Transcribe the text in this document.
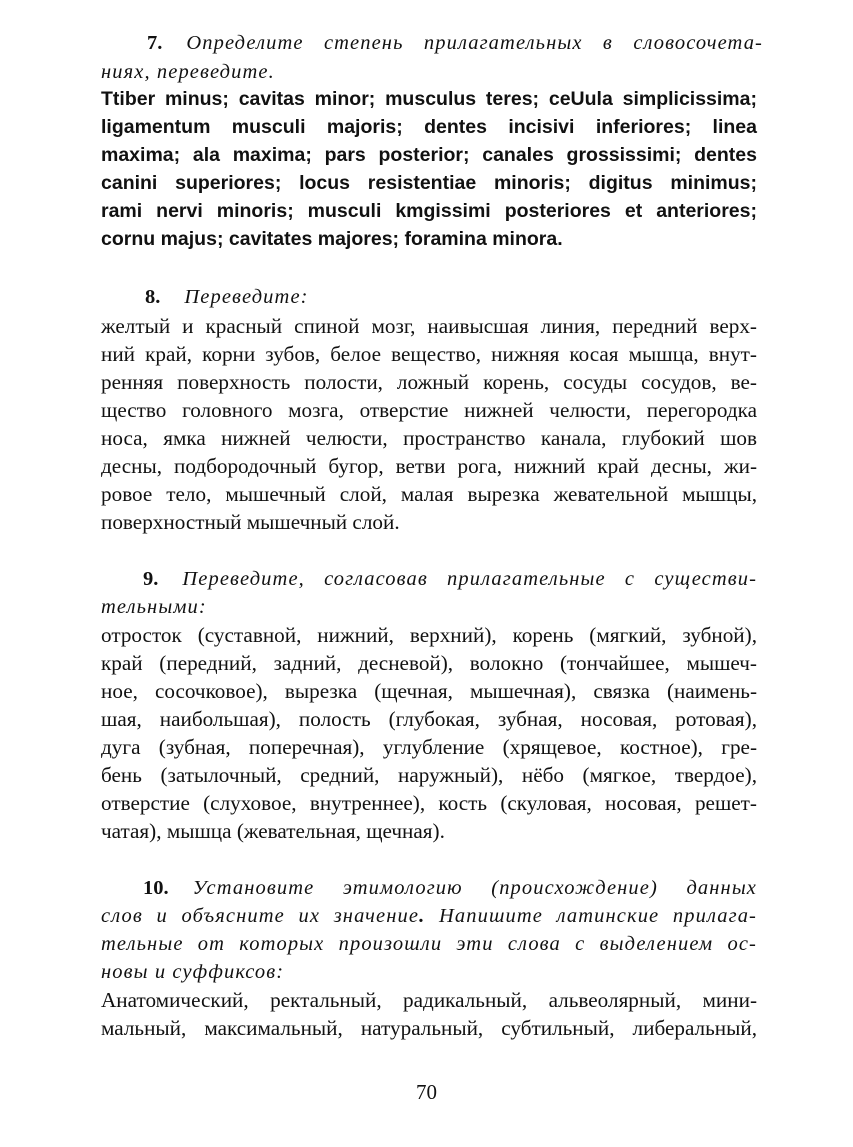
7. Определите степень прилагательных в словосочета-
ниях, переведите.
Ttiber minus; cavitas minor; musculus teres; ceUula simplicissima;
ligamentum musculi majoris; dentes incisivi inferiores; linea
maxima; ala maxima; pars posterior; canales grossissimi; dentes
canini superiores; locus resistentiae minoris; digitus minimus;
rami nervi minoris; musculi kmgissimi posteriores et anteriores;
cornu majus; cavitates majores; foramina minora.
8. Переведите:
желтый и красный спиной мозг, наивысшая линия, передний верх-
ний край, корни зубов, белое вещество, нижняя косая мышца, внут-
ренняя поверхность полости, ложный корень, сосуды сосудов, ве-
щество головного мозга, отверстие нижней челюсти, перегородка
носа, ямка нижней челюсти, пространство канала, глубокий шов
десны, подбородочный бугор, ветви рога, нижний край десны, жи-
ровое тело, мышечный слой, малая вырезка жевательной мышцы,
поверхностный мышечный слой.
9. Переведите, согласовав прилагательные с существи-
тельными:
отросток (суставной, нижний, верхний), корень (мягкий, зубной),
край (передний, задний, десневой), волокно (тончайшее, мышеч-
ное, сосочковое), вырезка (щечная, мышечная), связка (наимень-
шая, наибольшая), полость (глубокая, зубная, носовая, ротовая),
дуга (зубная, поперечная), углубление (хрящевое, костное), гре-
бень (затылочный, средний, наружный), нёбо (мягкое, твердое),
отверстие (слуховое, внутреннее), кость (скуловая, носовая, решет-
чатая), мышца (жевательная, щечная).
10. Установите этимологию (происхождение) данных
слов и объясните их значение. Напишите латинские прилага-
тельные от которых произошли эти слова с выделением ос-
новы и суффиксов:
Анатомический, ректальный, радикальный, альвеолярный, мини-
мальный, максимальный, натуральный, субтильный, либеральный,
70
